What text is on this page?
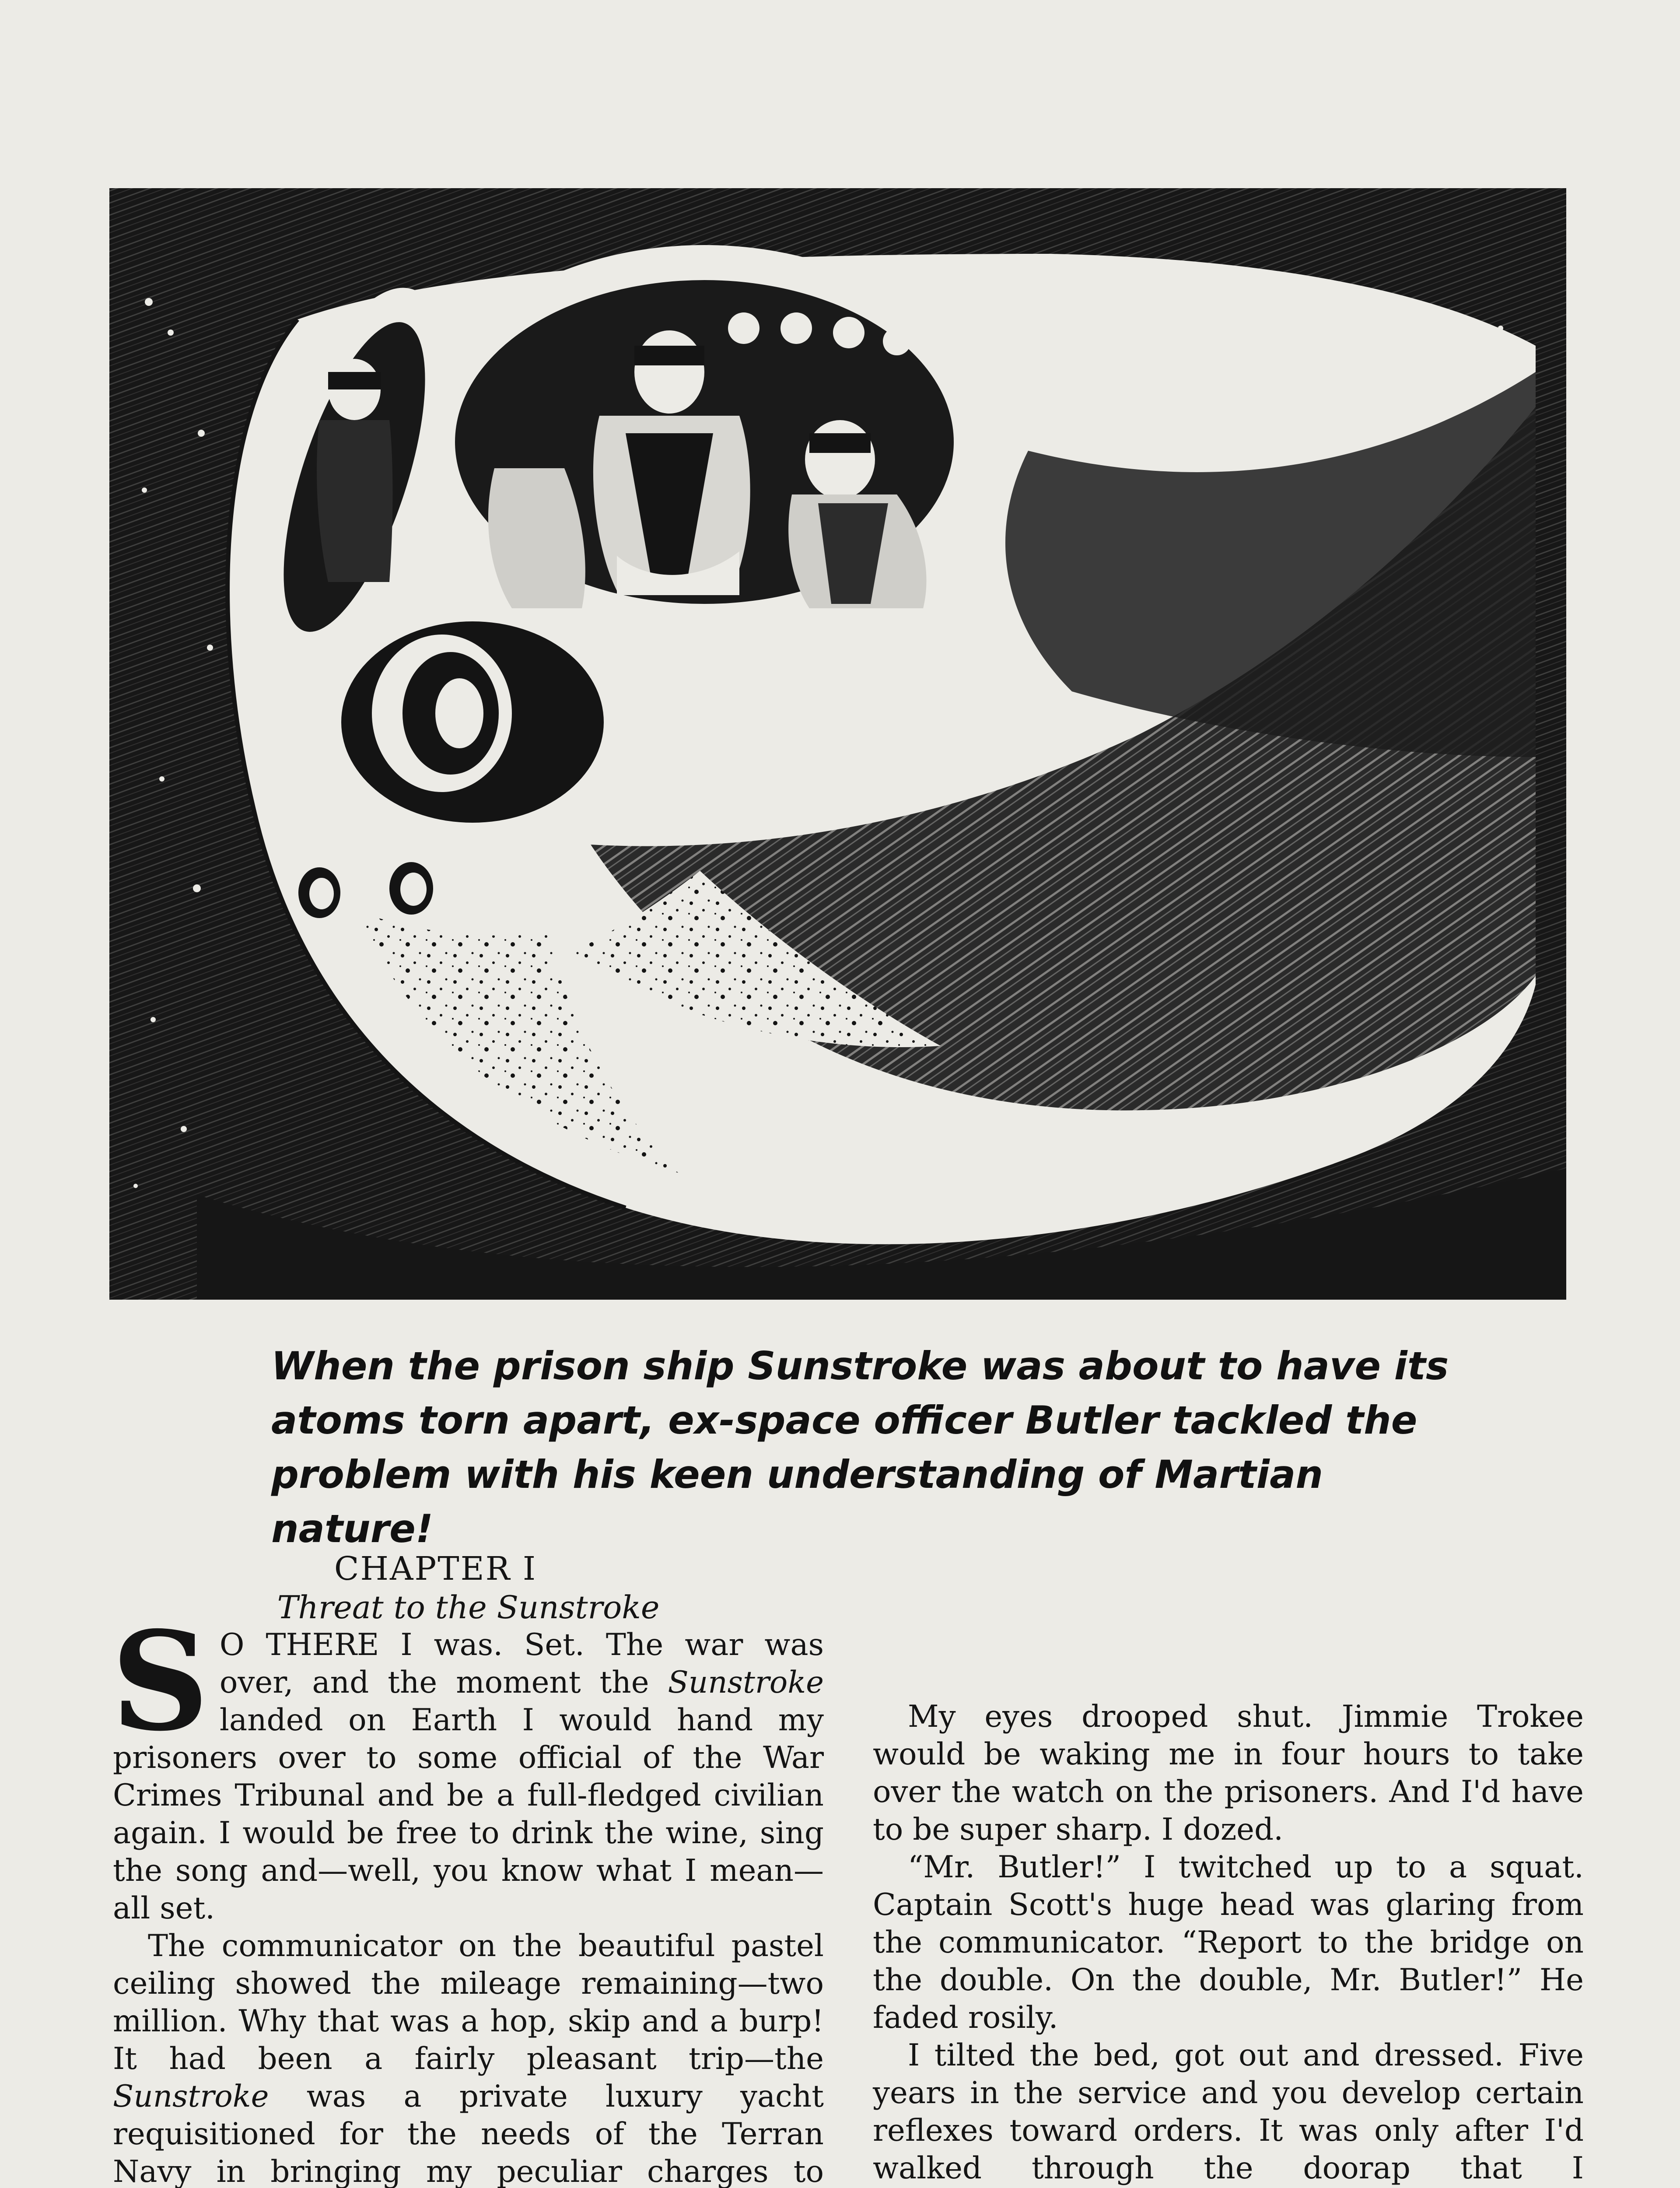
When the prison ship Sunstroke was about to have its atoms torn apart, ex-space officer Butler tackled the problem with his keen understanding of Martian nature!

CHAPTER I

Threat to the Sunstroke

S O THERE I was. Set. The war was over, and the moment the Sunstroke landed on Earth I would hand my prisoners over to some official of the War Crimes Tribunal and be a full-fledged civilian again. I would be free to drink the wine, sing the song and—well, you know what I mean—all set.

The communicator on the beautiful pastel ceiling showed the mileage remaining—two million. Why that was a hop, skip and a burp! It had been a fairly pleasant trip—the Sunstroke was a private luxury yacht requisitioned for the needs of the Terran Navy in bringing my peculiar charges to

My eyes drooped shut. Jimmie Trokee would be waking me in four hours to take over the watch on the prisoners. And I'd have to be super sharp. I dozed.

“Mr. Butler!” I twitched up to a squat. Captain Scott's huge head was glaring from the communicator. “Report to the bridge on the double. On the double, Mr. Butler!” He faded rosily.

I tilted the bed, got out and dressed. Five years in the service and you develop certain reflexes toward orders. It was only after I'd walked through the doorap that I
